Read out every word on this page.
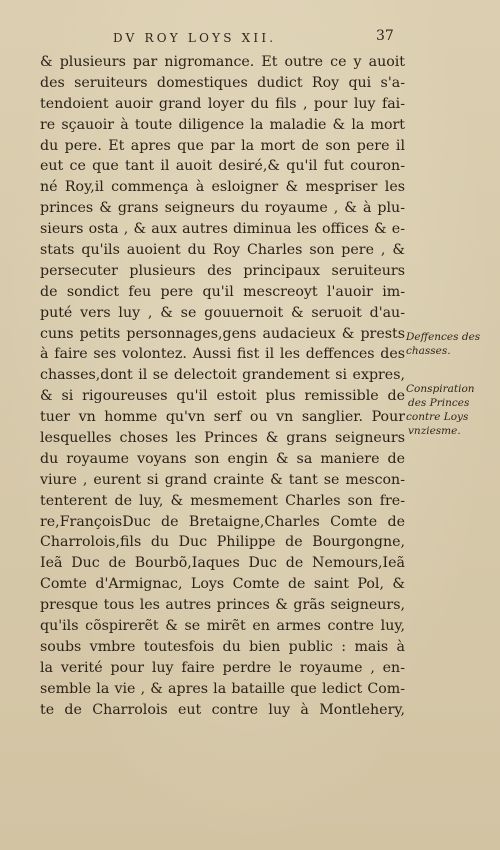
DV ROY LOYS XII.	37
& plusieurs par nigromance. Et outre ce y auoit
des seruiteurs domestiques dudict Roy qui s'a-
tendoient auoir grand loyer du fils , pour luy fai-
re sçauoir à toute diligence la maladie & la mort
du pere. Et apres que par la mort de son pere il
eut ce que tant il auoit desiré,& qu'il fut couron-
né Roy,il commença à esloigner & mespriser les
princes & grans seigneurs du royaume , & à plu-
sieurs osta , & aux autres diminua les offices & e-
stats qu'ils auoient du Roy Charles son pere , &
persecuter plusieurs des principaux seruiteurs
de sondict feu pere qu'il mescreoyt l'auoir im-
puté vers luy , & se gouuernoit & seruoit d'au-
cuns petits personnages,gens audacieux & prests
à faire ses volontez. Aussi fist il les deffences des
chasses,dont il se delectoit grandement si expres,
& si rigoureuses qu'il estoit plus remissible de
tuer vn homme qu'vn serf ou vn sanglier. Pour
lesquelles choses les Princes & grans seigneurs
du royaume voyans son engin & sa maniere de
viure , eurent si grand crainte & tant se mescon-
tenterent de luy, & mesmement Charles son fre-
re,FrançoisDuc de Bretaigne,Charles Comte de
Charrolois,fils du Duc Philippe de Bourgongne,
Ieã Duc de Bourbõ,Iaques Duc de Nemours,Ieã
Comte d'Armignac, Loys Comte de saint Pol, &
presque tous les autres princes & grãs seigneurs,
qu'ils cõspirerẽt & se mirẽt en armes contre luy,
soubs vmbre toutesfois du bien public : mais à
la verité pour luy faire perdre le royaume , en-
semble la vie , & apres la bataille que ledict Com-
te de Charrolois eut contre luy à Montlehery,
Deffences des
chasses.
Conspiration
des Princes
contre Loys
vnziesme.
